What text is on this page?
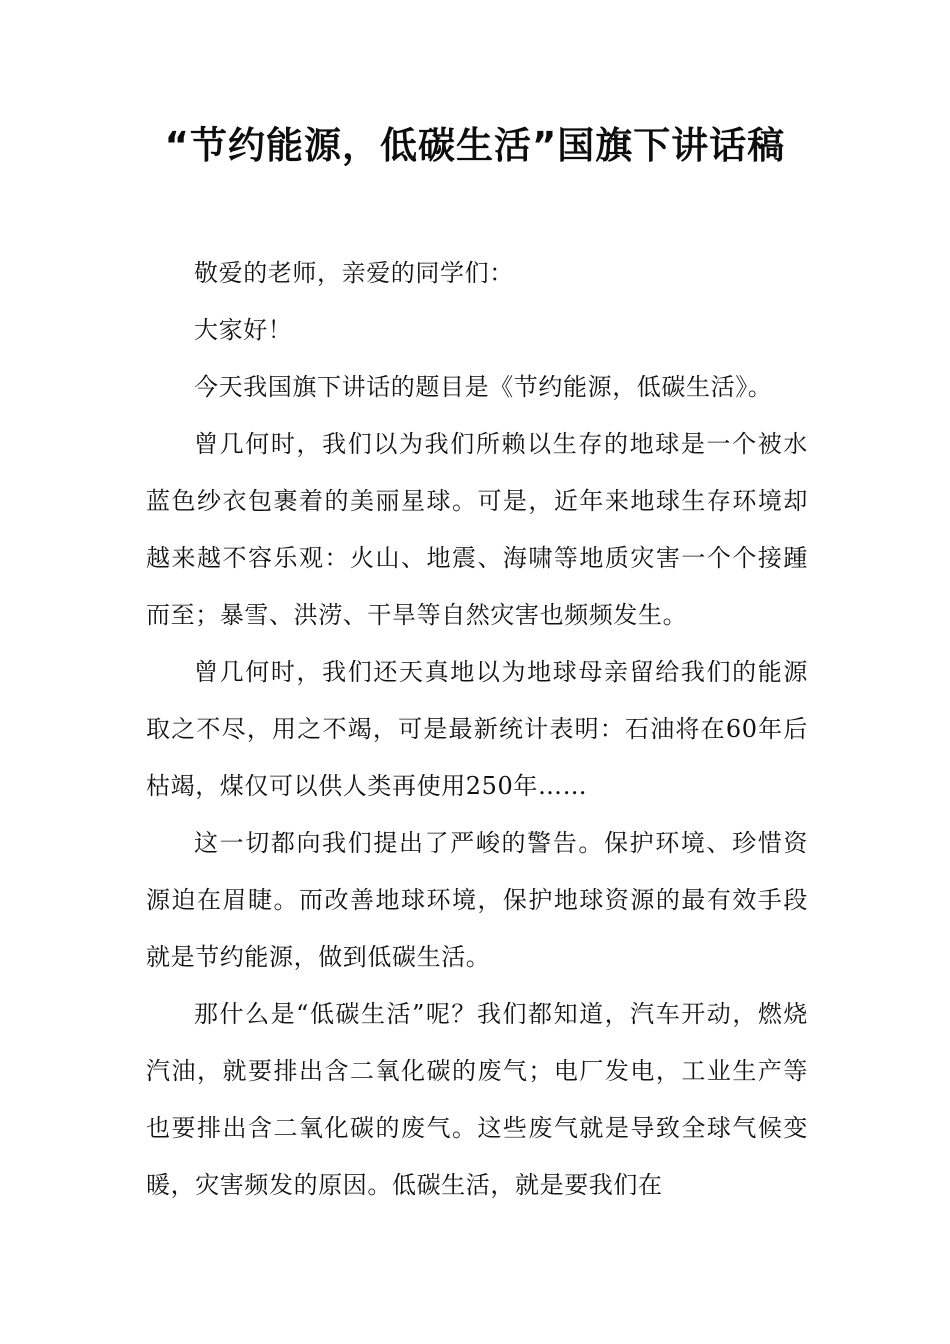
“节约能源，低碳生活”国旗下讲话稿

敬爱的老师，亲爱的同学们：

大家好！

今天我国旗下讲话的题目是《节约能源，低碳生活》。

曾几何时，我们以为我们所赖以生存的地球是一个被水蓝色纱衣包裹着的美丽星球。可是，近年来地球生存环境却越来越不容乐观：火山、地震、海啸等地质灾害一个个接踵而至；暴雪、洪涝、干旱等自然灾害也频频发生。

曾几何时，我们还天真地以为地球母亲留给我们的能源取之不尽，用之不竭，可是最新统计表明：石油将在60年后枯竭，煤仅可以供人类再使用250年……

这一切都向我们提出了严峻的警告。保护环境、珍惜资源迫在眉睫。而改善地球环境，保护地球资源的最有效手段就是节约能源，做到低碳生活。

那什么是“低碳生活”呢？我们都知道，汽车开动，燃烧汽油，就要排出含二氧化碳的废气；电厂发电，工业生产等也要排出含二氧化碳的废气。这些废气就是导致全球气候变暖，灾害频发的原因。低碳生活，就是要我们在
